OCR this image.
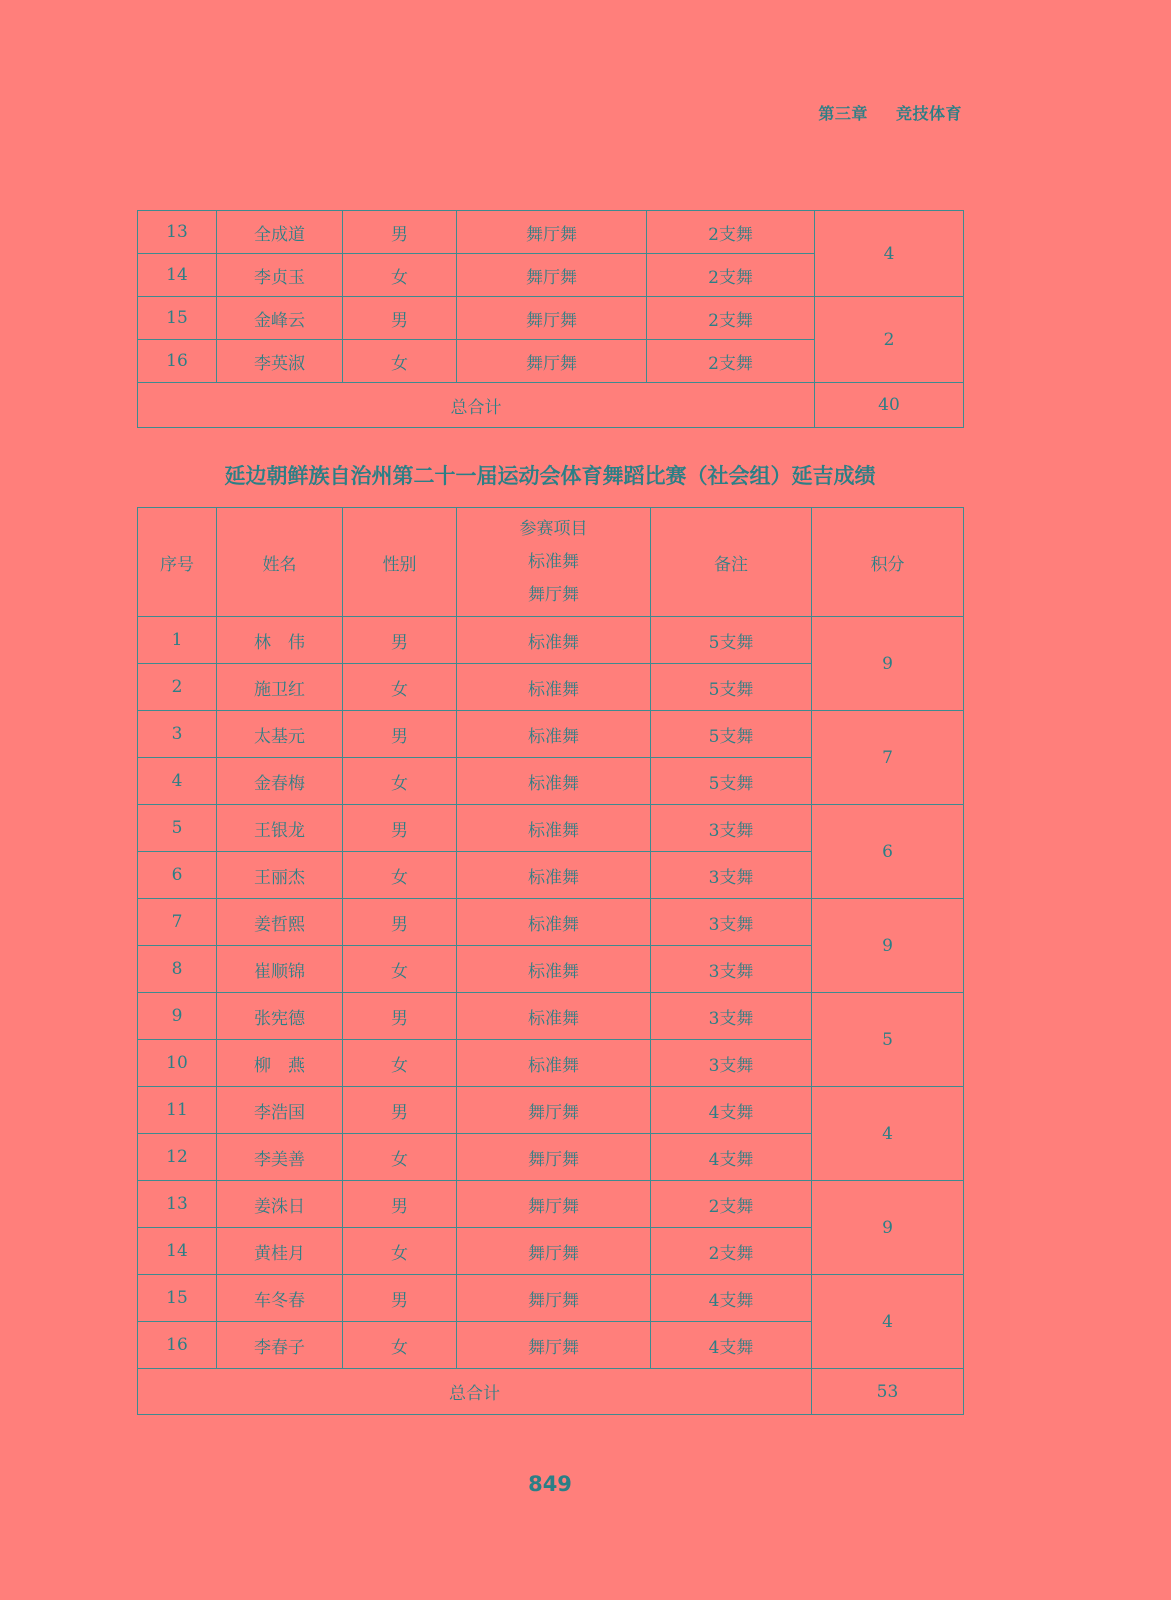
第三章 竞技体育
13	全成道	男	舞厅舞	2支舞	4
14	李贞玉	女	舞厅舞	2支舞	
15	金峰云	男	舞厅舞	2支舞	2
16	李英淑	女	舞厅舞	2支舞	
总合计					40
延边朝鲜族自治州第二十一届运动会体育舞蹈比赛（社会组）延吉成绩
序号	姓名	性别	参赛项目
标准舞
舞厅舞	备注	积分
1	林　伟	男	标准舞	5支舞	9
2	施卫红	女	标准舞	5支舞	
3	太基元	男	标准舞	5支舞	7
4	金春梅	女	标准舞	5支舞	
5	王银龙	男	标准舞	3支舞	6
6	王丽杰	女	标准舞	3支舞	
7	姜哲熙	男	标准舞	3支舞	9
8	崔顺锦	女	标准舞	3支舞	
9	张宪德	男	标准舞	3支舞	5
10	柳　燕	女	标准舞	3支舞	
11	李浩国	男	舞厅舞	4支舞	4
12	李美善	女	舞厅舞	4支舞	
13	姜洙日	男	舞厅舞	2支舞	9
14	黄桂月	女	舞厅舞	2支舞	
15	车冬春	男	舞厅舞	4支舞	4
16	李春子	女	舞厅舞	4支舞	
总合计					53
849
